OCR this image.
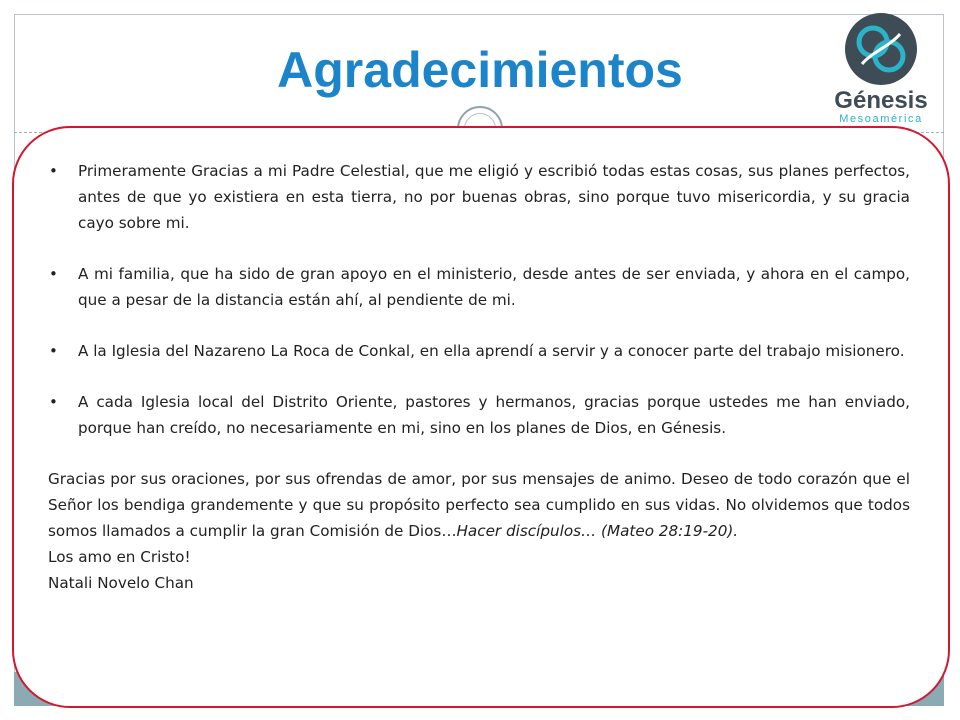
Agradecimientos
Génesis
Mesoamérica
• Primeramente Gracias a mi Padre Celestial, que me eligió y escribió todas estas cosas, sus planes perfectos, antes de que yo existiera en esta tierra, no por buenas obras, sino porque tuvo misericordia, y su gracia cayo sobre mi.
• A mi familia, que ha sido de gran apoyo en el ministerio, desde antes de ser enviada, y ahora en el campo, que a pesar de la distancia están ahí, al pendiente de mi.
• A la Iglesia del Nazareno La Roca de Conkal, en ella aprendí a servir y a conocer parte del trabajo misionero.
• A cada Iglesia local del Distrito Oriente, pastores y hermanos, gracias porque ustedes me han enviado, porque han creído, no necesariamente en mi, sino en los planes de Dios, en Génesis.

Gracias por sus oraciones, por sus ofrendas de amor, por sus mensajes de animo. Deseo de todo corazón que el Señor los bendiga grandemente y que su propósito perfecto sea cumplido en sus vidas. No olvidemos que todos somos llamados a cumplir la gran Comisión de Dios…Hacer discípulos… (Mateo 28:19-20).

Los amo en Cristo!

Natali Novelo Chan
